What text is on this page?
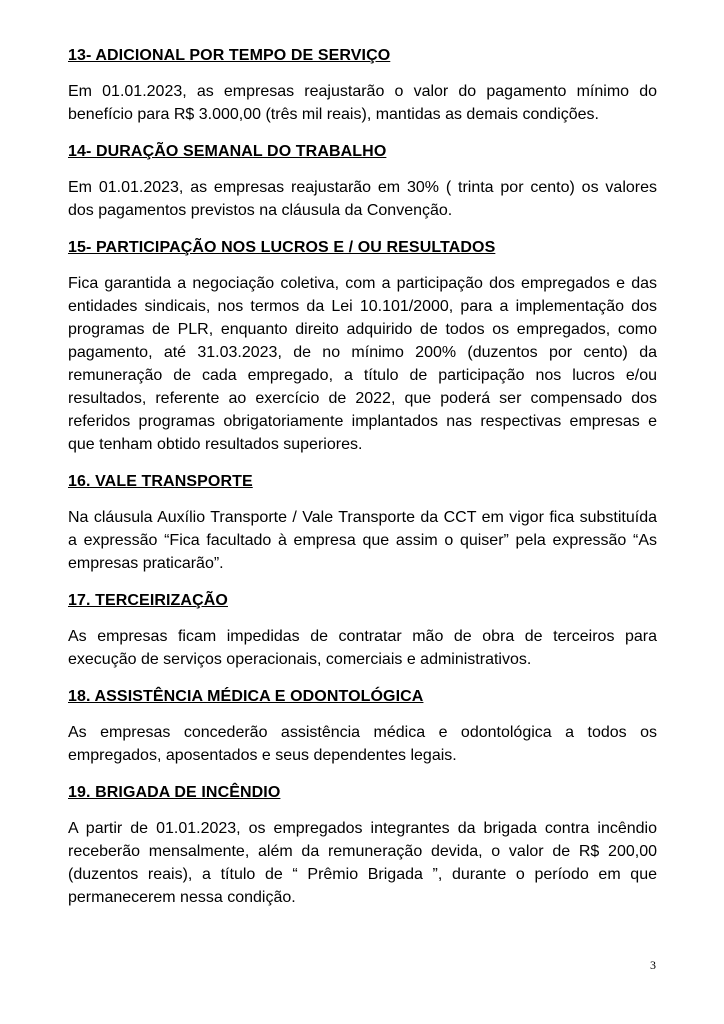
13- ADICIONAL POR TEMPO DE SERVIÇO
Em 01.01.2023, as empresas reajustarão o valor do pagamento mínimo do benefício para R$ 3.000,00 (três mil reais), mantidas as demais condições.
14- DURAÇÃO SEMANAL DO TRABALHO
Em 01.01.2023, as empresas reajustarão em 30% ( trinta por cento) os valores dos pagamentos previstos na cláusula da Convenção.
15- PARTICIPAÇÃO NOS LUCROS E / OU RESULTADOS
Fica garantida a negociação coletiva, com a participação dos empregados e das entidades sindicais, nos termos da Lei 10.101/2000, para a implementação dos programas de PLR, enquanto direito adquirido de todos os empregados, como pagamento, até 31.03.2023, de no mínimo 200% (duzentos por cento) da remuneração de cada empregado, a título de participação nos lucros e/ou resultados, referente ao exercício de 2022, que poderá ser compensado dos referidos programas obrigatoriamente implantados nas respectivas empresas e que tenham obtido resultados superiores.
16. VALE TRANSPORTE
Na cláusula Auxílio Transporte / Vale Transporte da CCT em vigor fica substituída a expressão “Fica facultado à empresa que assim o quiser” pela expressão “As empresas praticarão”.
17. TERCEIRIZAÇÃO
As empresas ficam impedidas de contratar mão de obra de terceiros para execução de serviços operacionais, comerciais e administrativos.
18. ASSISTÊNCIA MÉDICA E ODONTOLÓGICA
As empresas concederão assistência médica e odontológica a todos os empregados, aposentados e seus dependentes legais.
19. BRIGADA DE INCÊNDIO
A partir de 01.01.2023, os empregados integrantes da brigada contra incêndio receberão mensalmente, além da remuneração devida, o valor de R$ 200,00 (duzentos reais), a título de “ Prêmio Brigada ”, durante o período em que permanecerem nessa condição.
3
